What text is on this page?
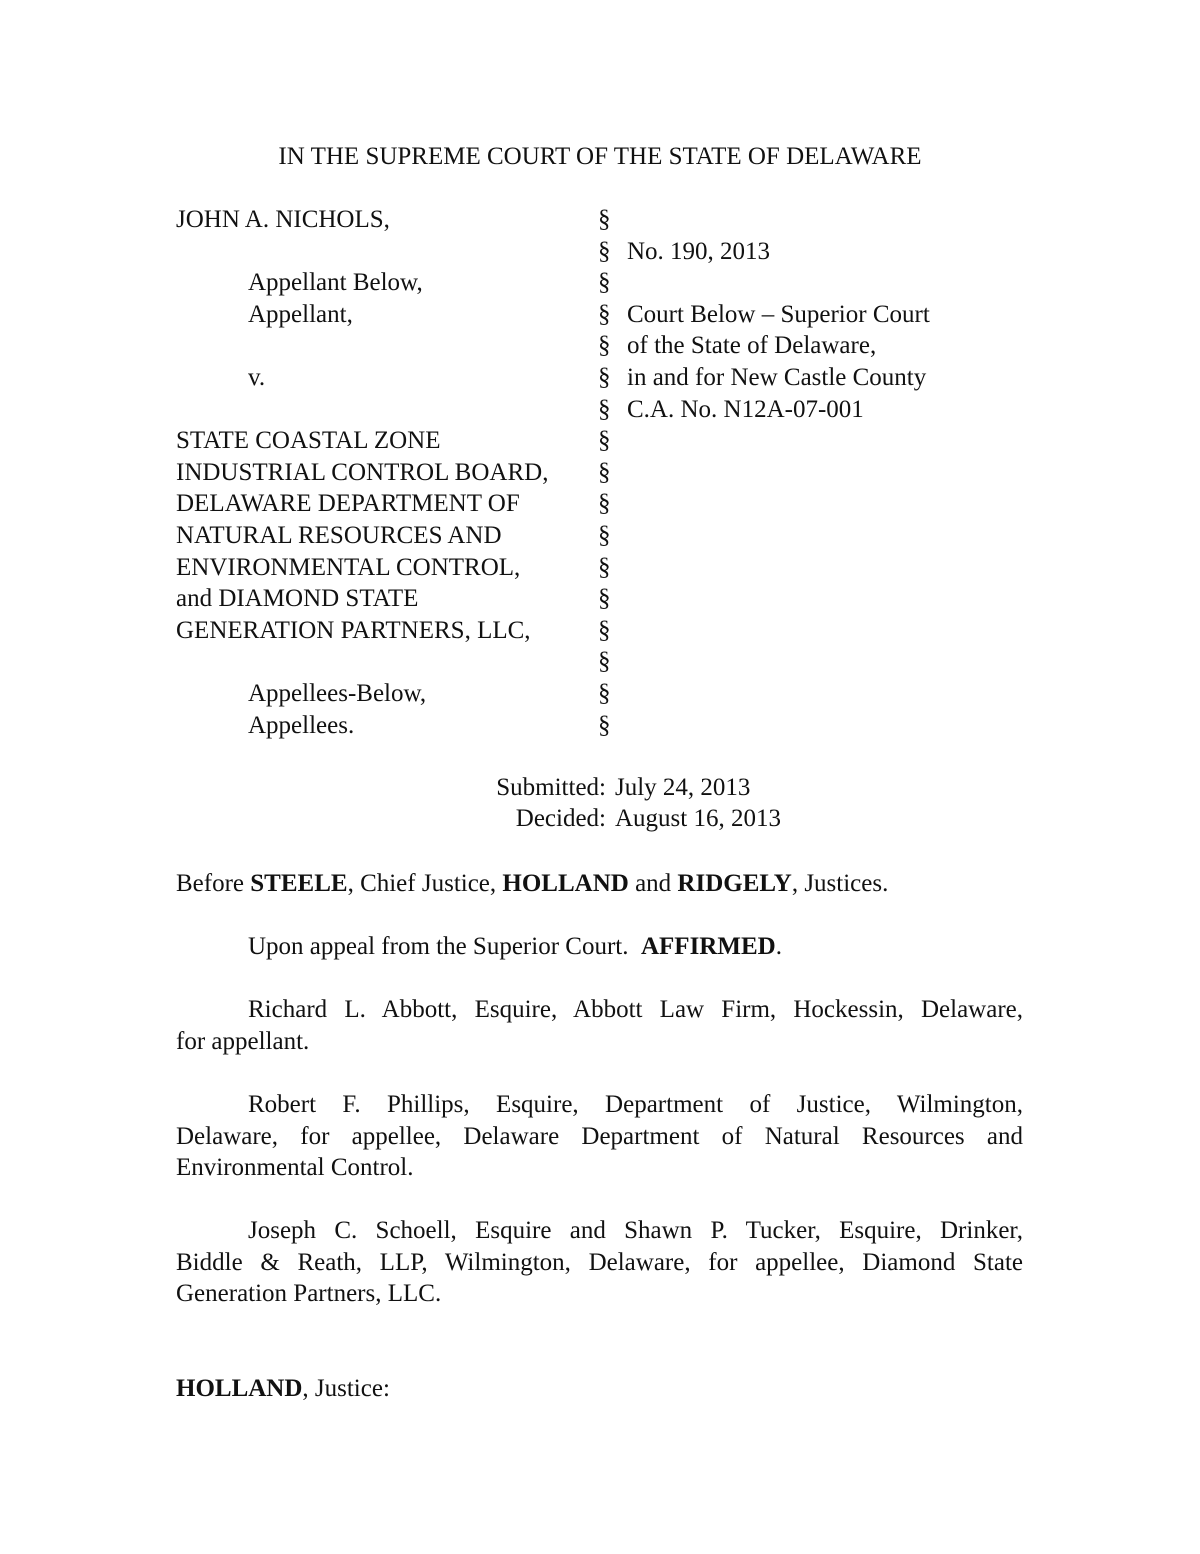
IN THE SUPREME COURT OF THE STATE OF DELAWARE
JOHN A. NICHOLS,
Appellant Below,
Appellant,
v.
STATE COASTAL ZONE
INDUSTRIAL CONTROL BOARD,
DELAWARE DEPARTMENT OF
NATURAL RESOURCES AND
ENVIRONMENTAL CONTROL,
and DIAMOND STATE
GENERATION PARTNERS, LLC,
Appellees-Below,
Appellees.
§
§
§
§
§
§
§
§
§
§
§
§
§
§
§
§
§
No. 190, 2013
Court Below – Superior Court
of the State of Delaware,
in and for New Castle County
C.A. No. N12A-07-001
Submitted: July 24, 2013
Decided: August 16, 2013
Before STEELE, Chief Justice, HOLLAND and RIDGELY, Justices.
Upon appeal from the Superior Court.  AFFIRMED.

Richard L. Abbott, Esquire, Abbott Law Firm, Hockessin, Delaware,

for appellant.

Robert F. Phillips, Esquire, Department of Justice, Wilmington,

Delaware, for appellee, Delaware Department of Natural Resources and Environmental Control.

Joseph C. Schoell, Esquire and Shawn P. Tucker, Esquire, Drinker,

Biddle & Reath, LLP, Wilmington, Delaware, for appellee, Diamond State Generation Partners, LLC.

HOLLAND, Justice:
